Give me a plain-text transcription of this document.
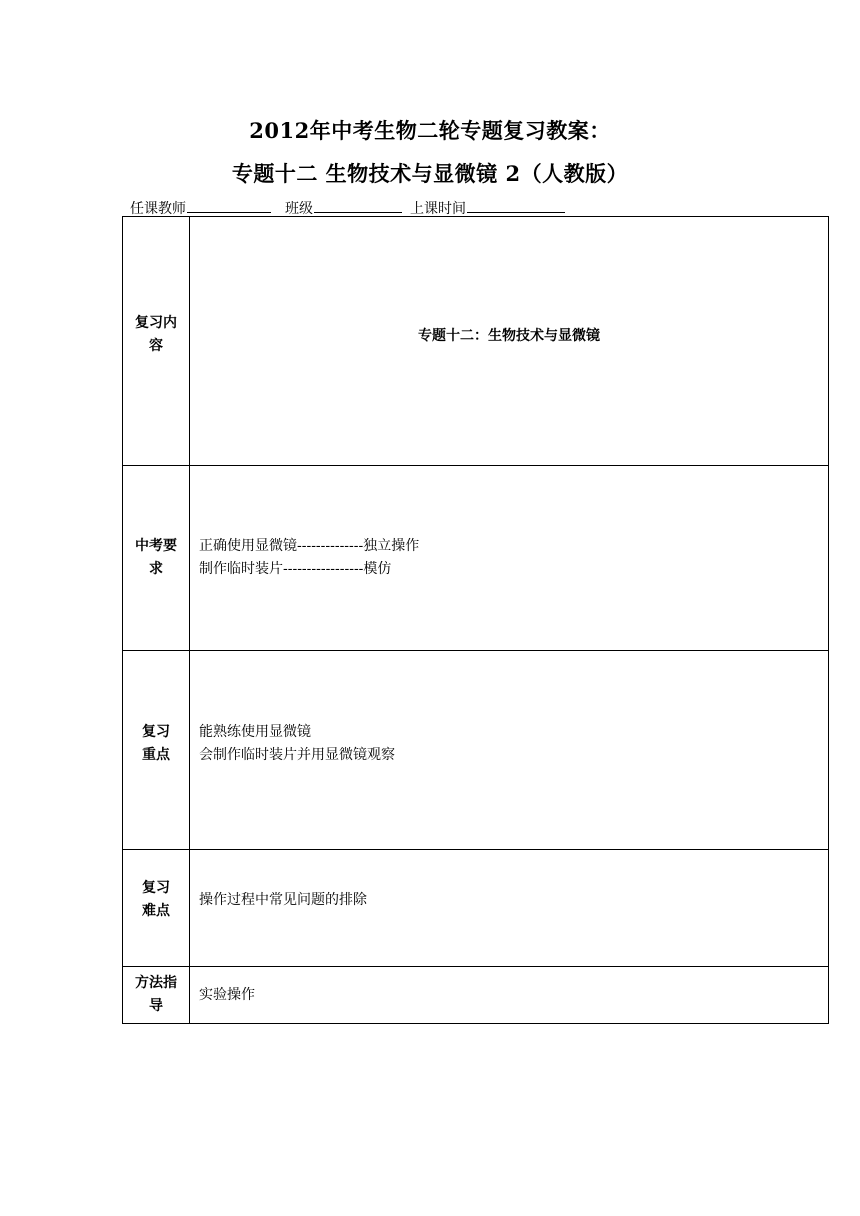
2012年中考生物二轮专题复习教案：
专题十二 生物技术与显微镜 2（人教版）
任课教师	班级	上课时间
复习内
容	专题十二：生物技术与显微镜

中考要
求	正确使用显微镜--------------独立操作
制作临时装片-----------------模仿

复习
重点	能熟练使用显微镜
会制作临时装片并用显微镜观察

复习
难点	操作过程中常见问题的排除

方法指
导	实验操作
